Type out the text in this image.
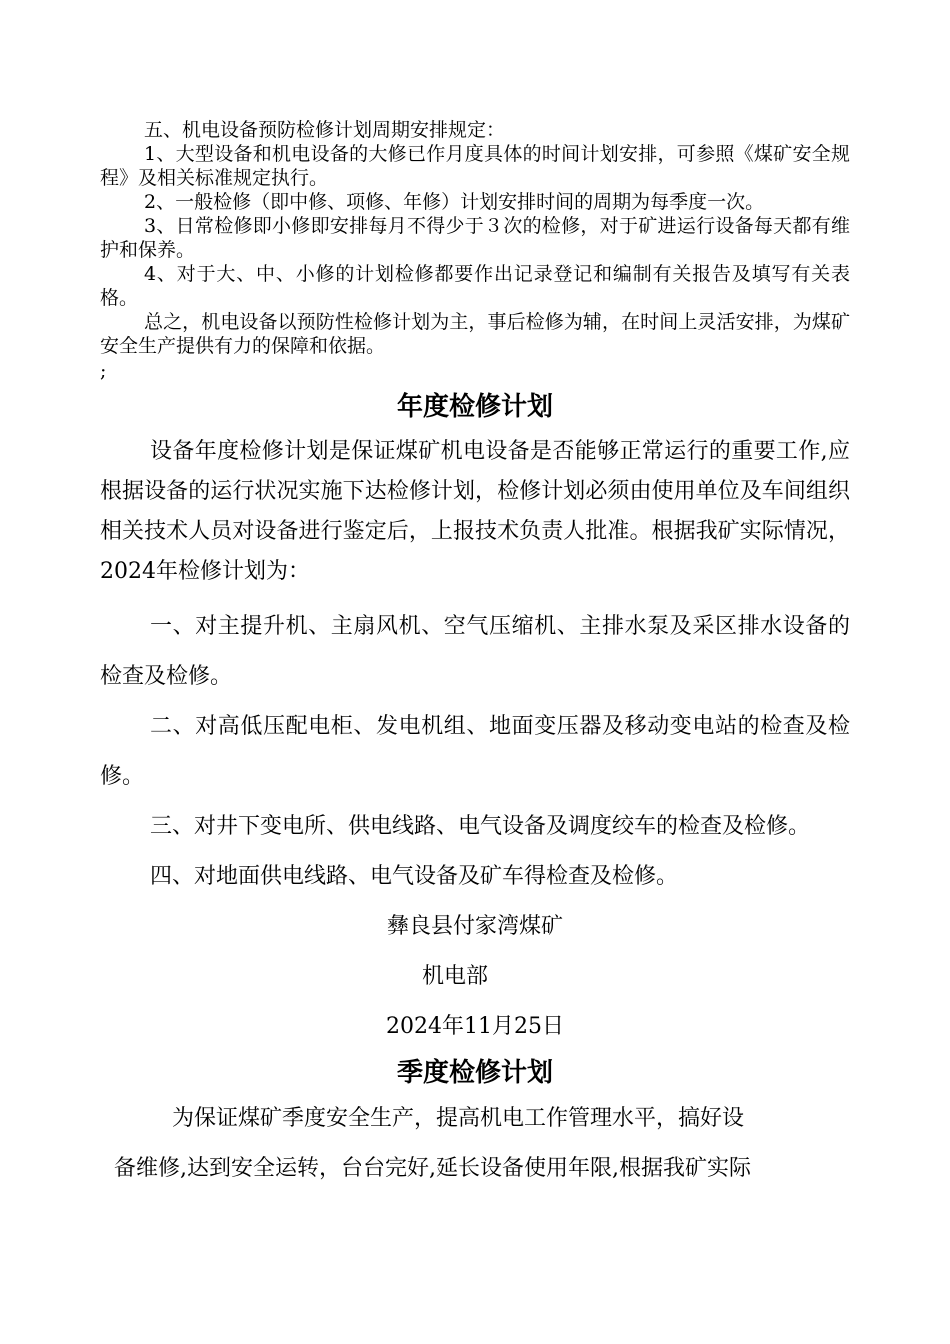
五、机电设备预防检修计划周期安排规定：

1、大型设备和机电设备的大修已作月度具体的时间计划安排，可参照《煤矿安全规程》及相关标准规定执行。

2、一般检修（即中修、项修、年修）计划安排时间的周期为每季度一次。

3、日常检修即小修即安排每月不得少于３次的检修，对于矿进运行设备每天都有维护和保养。

4、对于大、中、小修的计划检修都要作出记录登记和编制有关报告及填写有关表格。

总之，机电设备以预防性检修计划为主，事后检修为辅，在时间上灵活安排，为煤矿安全生产提供有力的保障和依据。

;

年度检修计划

设备年度检修计划是保证煤矿机电设备是否能够正常运行的重要工作,应根据设备的运行状况实施下达检修计划，检修计划必须由使用单位及车间组织相关技术人员对设备进行鉴定后，上报技术负责人批准。根据我矿实际情况，2024年检修计划为：

一、对主提升机、主扇风机、空气压缩机、主排水泵及采区排水设备的检查及检修。

二、对高低压配电柜、发电机组、地面变压器及移动变电站的检查及检修。

三、对井下变电所、供电线路、电气设备及调度绞车的检查及检修。

四、对地面供电线路、电气设备及矿车得检查及检修。

彝良县付家湾煤矿

机电部

2024年11月25日

季度检修计划
为保证煤矿季度安全生产，提高机电工作管理水平，搞好设
备维修,达到安全运转，台台完好,延长设备使用年限,根据我矿实际
